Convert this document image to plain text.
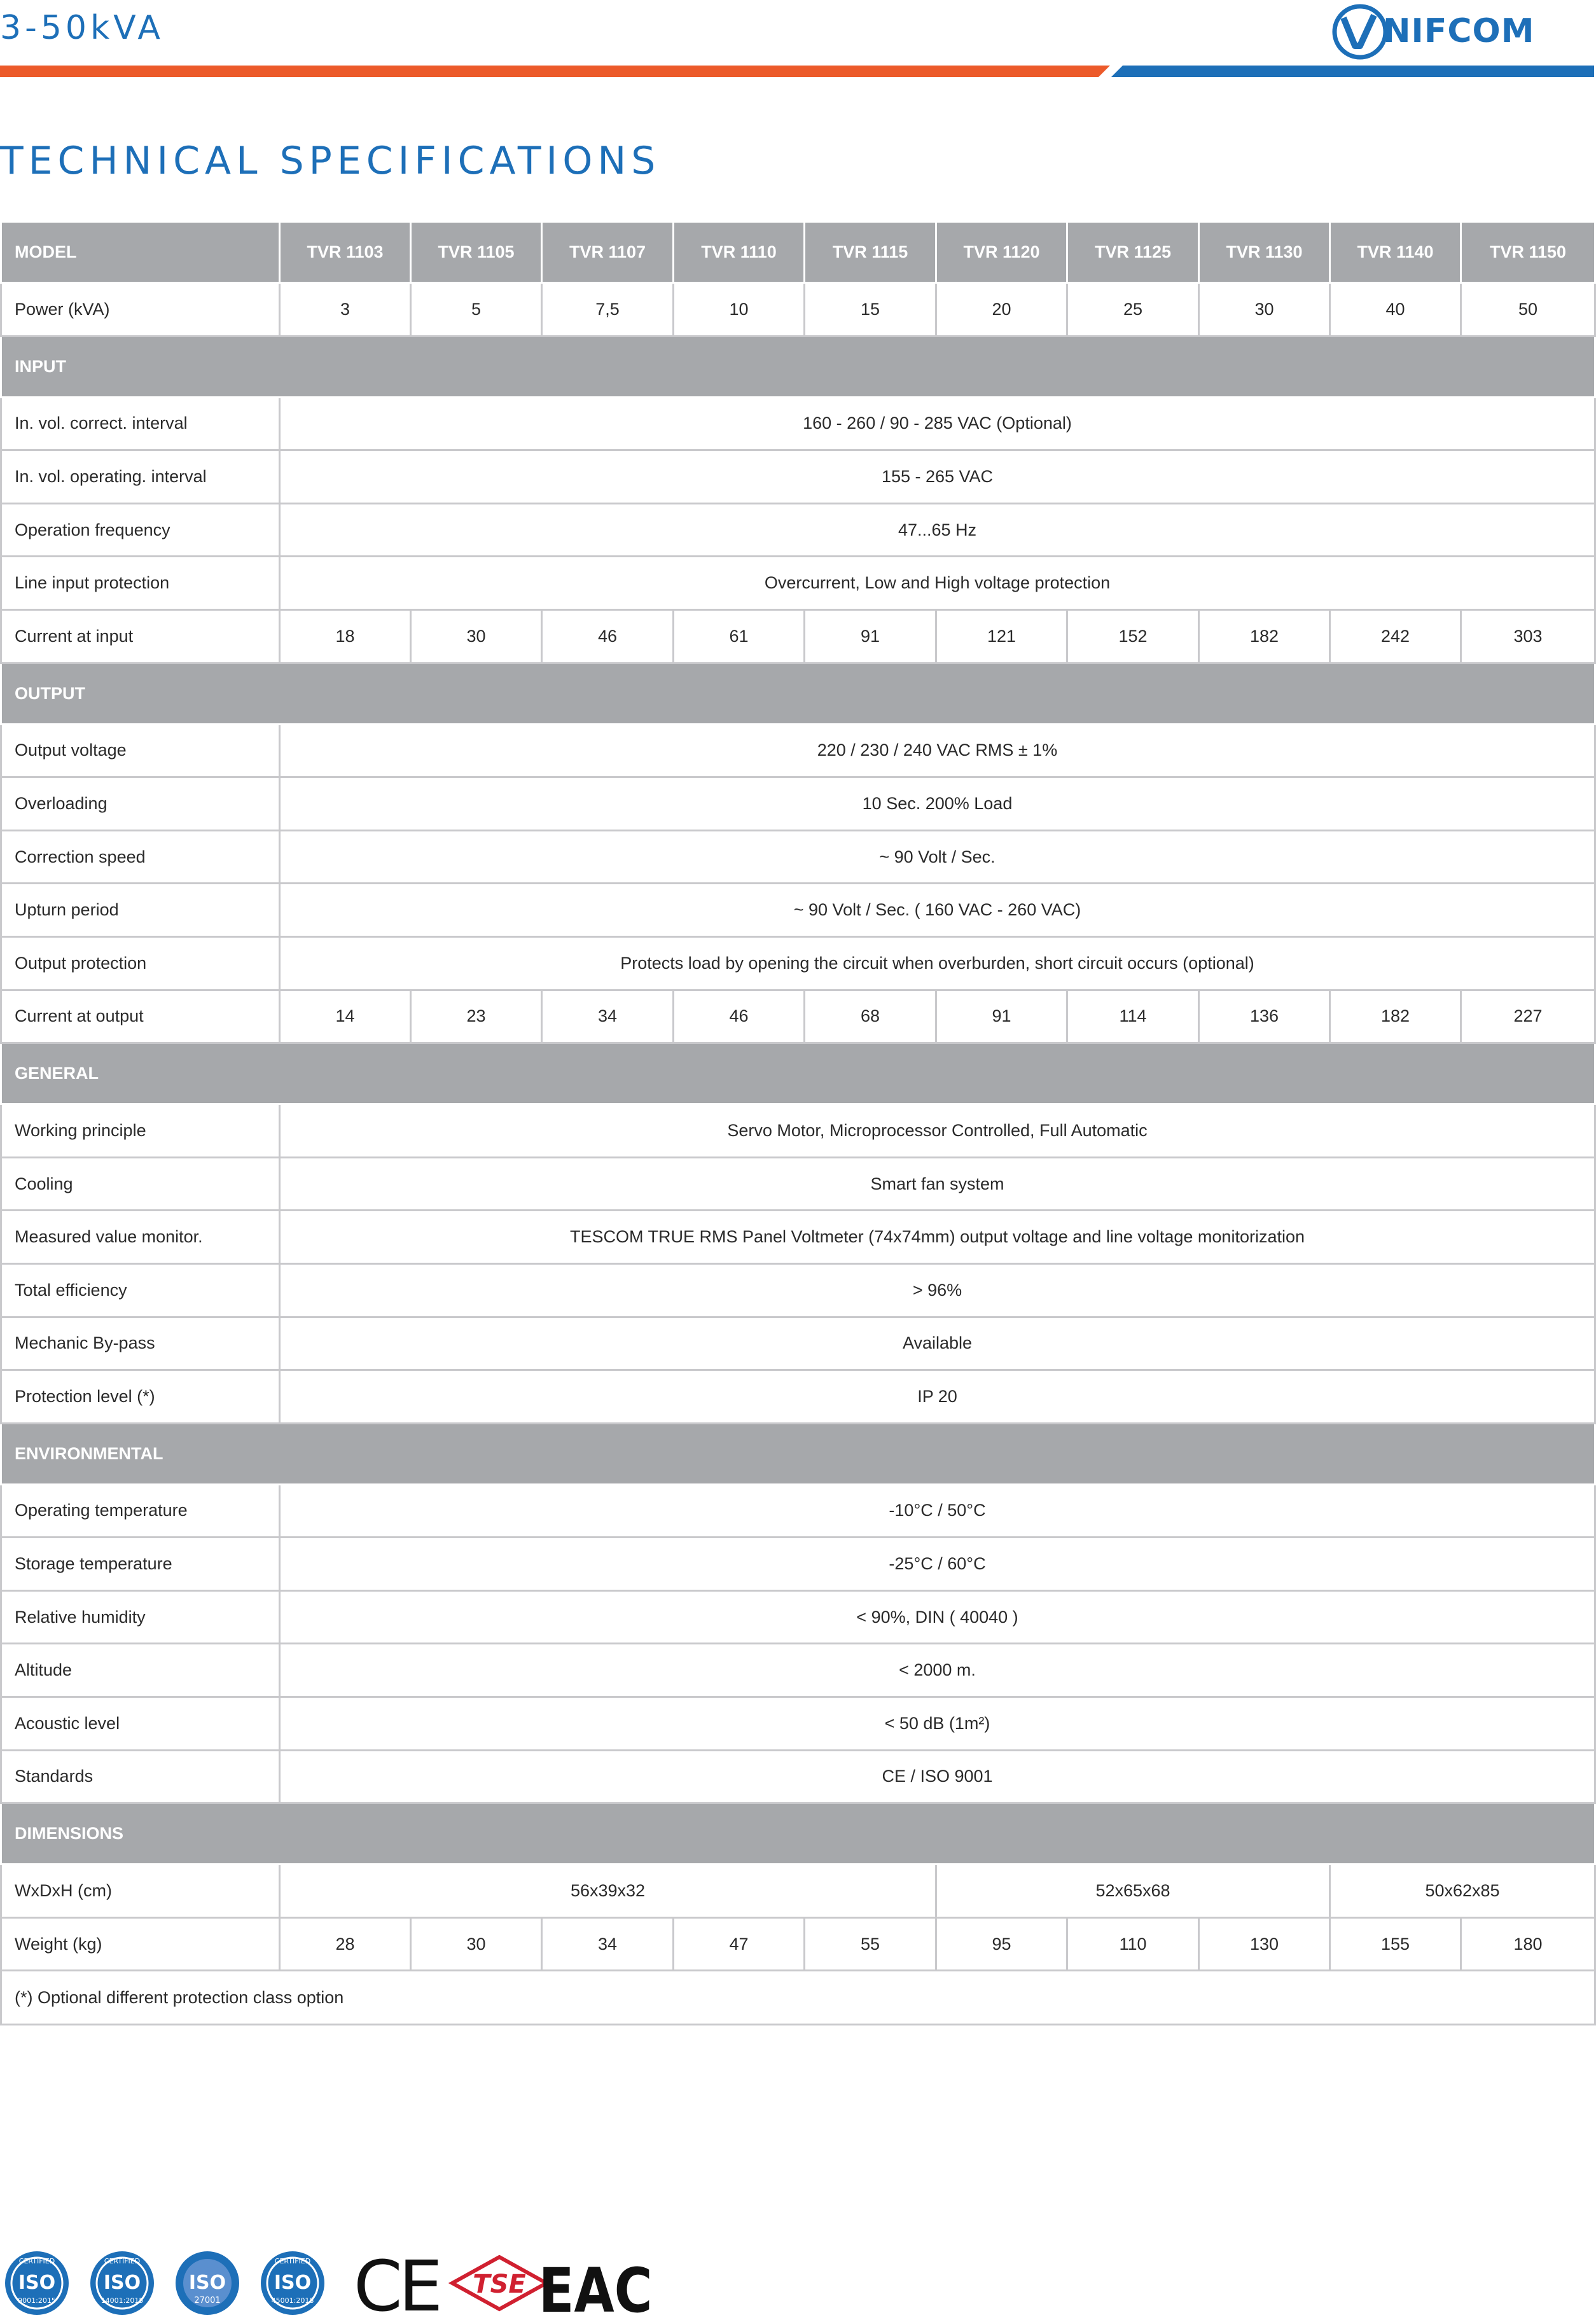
3-50kVA	NIFCOM
TECHNICAL SPECIFICATIONS
MODEL	TVR 1103	TVR 1105	TVR 1107	TVR 1110	TVR 1115	TVR 1120	TVR 1125	TVR 1130	TVR 1140	TVR 1150
Power (kVA)	3	5	7,5	10	15	20	25	30	40	50
INPUT										
In. vol. correct. interval	160 - 260 / 90 - 285 VAC (Optional)									
In. vol. operating. interval	155 - 265 VAC									
Operation frequency	47...65 Hz									
Line input protection	Overcurrent, Low and High voltage protection									
Current at input	18	30	46	61	91	121	152	182	242	303
OUTPUT										
Output voltage	220 / 230 / 240 VAC RMS ± 1%									
Overloading	10 Sec. 200% Load									
Correction speed	~ 90 Volt / Sec.									
Upturn period	~ 90 Volt / Sec. ( 160 VAC - 260 VAC)									
Output protection	Protects load by opening the circuit when overburden, short circuit occurs (optional)									
Current at output	14	23	34	46	68	91	114	136	182	227
GENERAL										
Working principle	Servo Motor, Microprocessor Controlled, Full Automatic									
Cooling	Smart fan system									
Measured value monitor.	TESCOM TRUE RMS Panel Voltmeter (74x74mm) output voltage and line voltage monitorization									
Total efficiency	> 96%									
Mechanic By-pass	Available									
Protection level (*)	IP 20									
ENVIRONMENTAL										
Operating temperature	-10°C / 50°C									
Storage temperature	-25°C / 60°C									
Relative humidity	< 90%, DIN ( 40040 )									
Altitude	< 2000 m.									
Acoustic level	< 50 dB (1m²)									
Standards	CE / ISO 9001									
DIMENSIONS										
WxDxH (cm)	56x39x32					52x65x68			50x62x85	
Weight (kg)	28	30	34	47	55	95	110	130	155	180
(*) Optional different protection class option										
CERTIFIED
ISO
9001:2015
CERTIFIED
ISO
14001:2015
ISO
27001
CERTIFIED
ISO
45001:2018 CE TSE EAC
